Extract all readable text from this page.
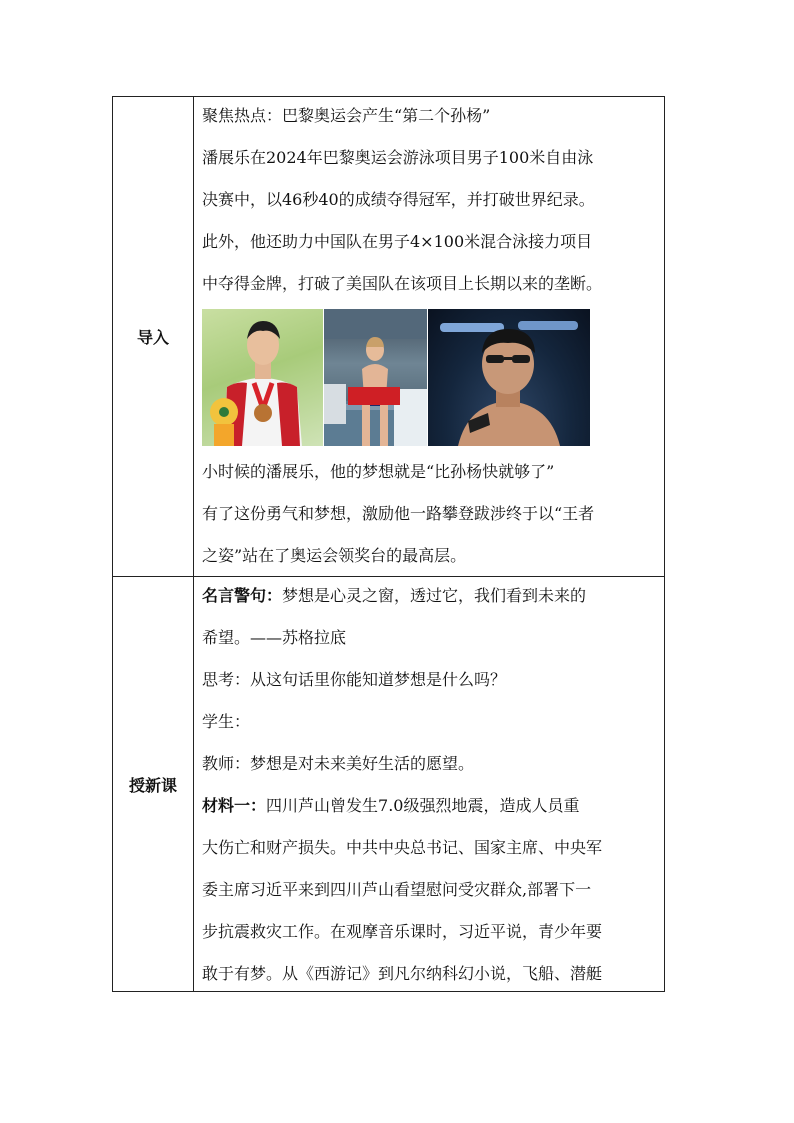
导入
聚焦热点：巴黎奥运会产生“第二个孙杨”
潘展乐在2024年巴黎奥运会游泳项目男子100米自由泳
决赛中，以46秒40的成绩夺得冠军，并打破世界纪录。
此外，他还助力中国队在男子4×100米混合泳接力项目
中夺得金牌，打破了美国队在该项目上长期以来的垄断。
小时候的潘展乐，他的梦想就是“比孙杨快就够了”
有了这份勇气和梦想，激励他一路攀登跋涉终于以“王者
之姿”站在了奥运会领奖台的最高层。
授新课
名言警句：梦想是心灵之窗，透过它，我们看到未来的
希望。——苏格拉底
思考：从这句话里你能知道梦想是什么吗？
学生：
教师：梦想是对未来美好生活的愿望。
材料一：四川芦山曾发生7.0级强烈地震，造成人员重
大伤亡和财产损失。中共中央总书记、国家主席、中央军
委主席习近平来到四川芦山看望慰问受灾群众,部署下一
步抗震救灾工作。在观摩音乐课时，习近平说，青少年要
敢于有梦。从《西游记》到凡尔纳科幻小说，飞船、潜艇
